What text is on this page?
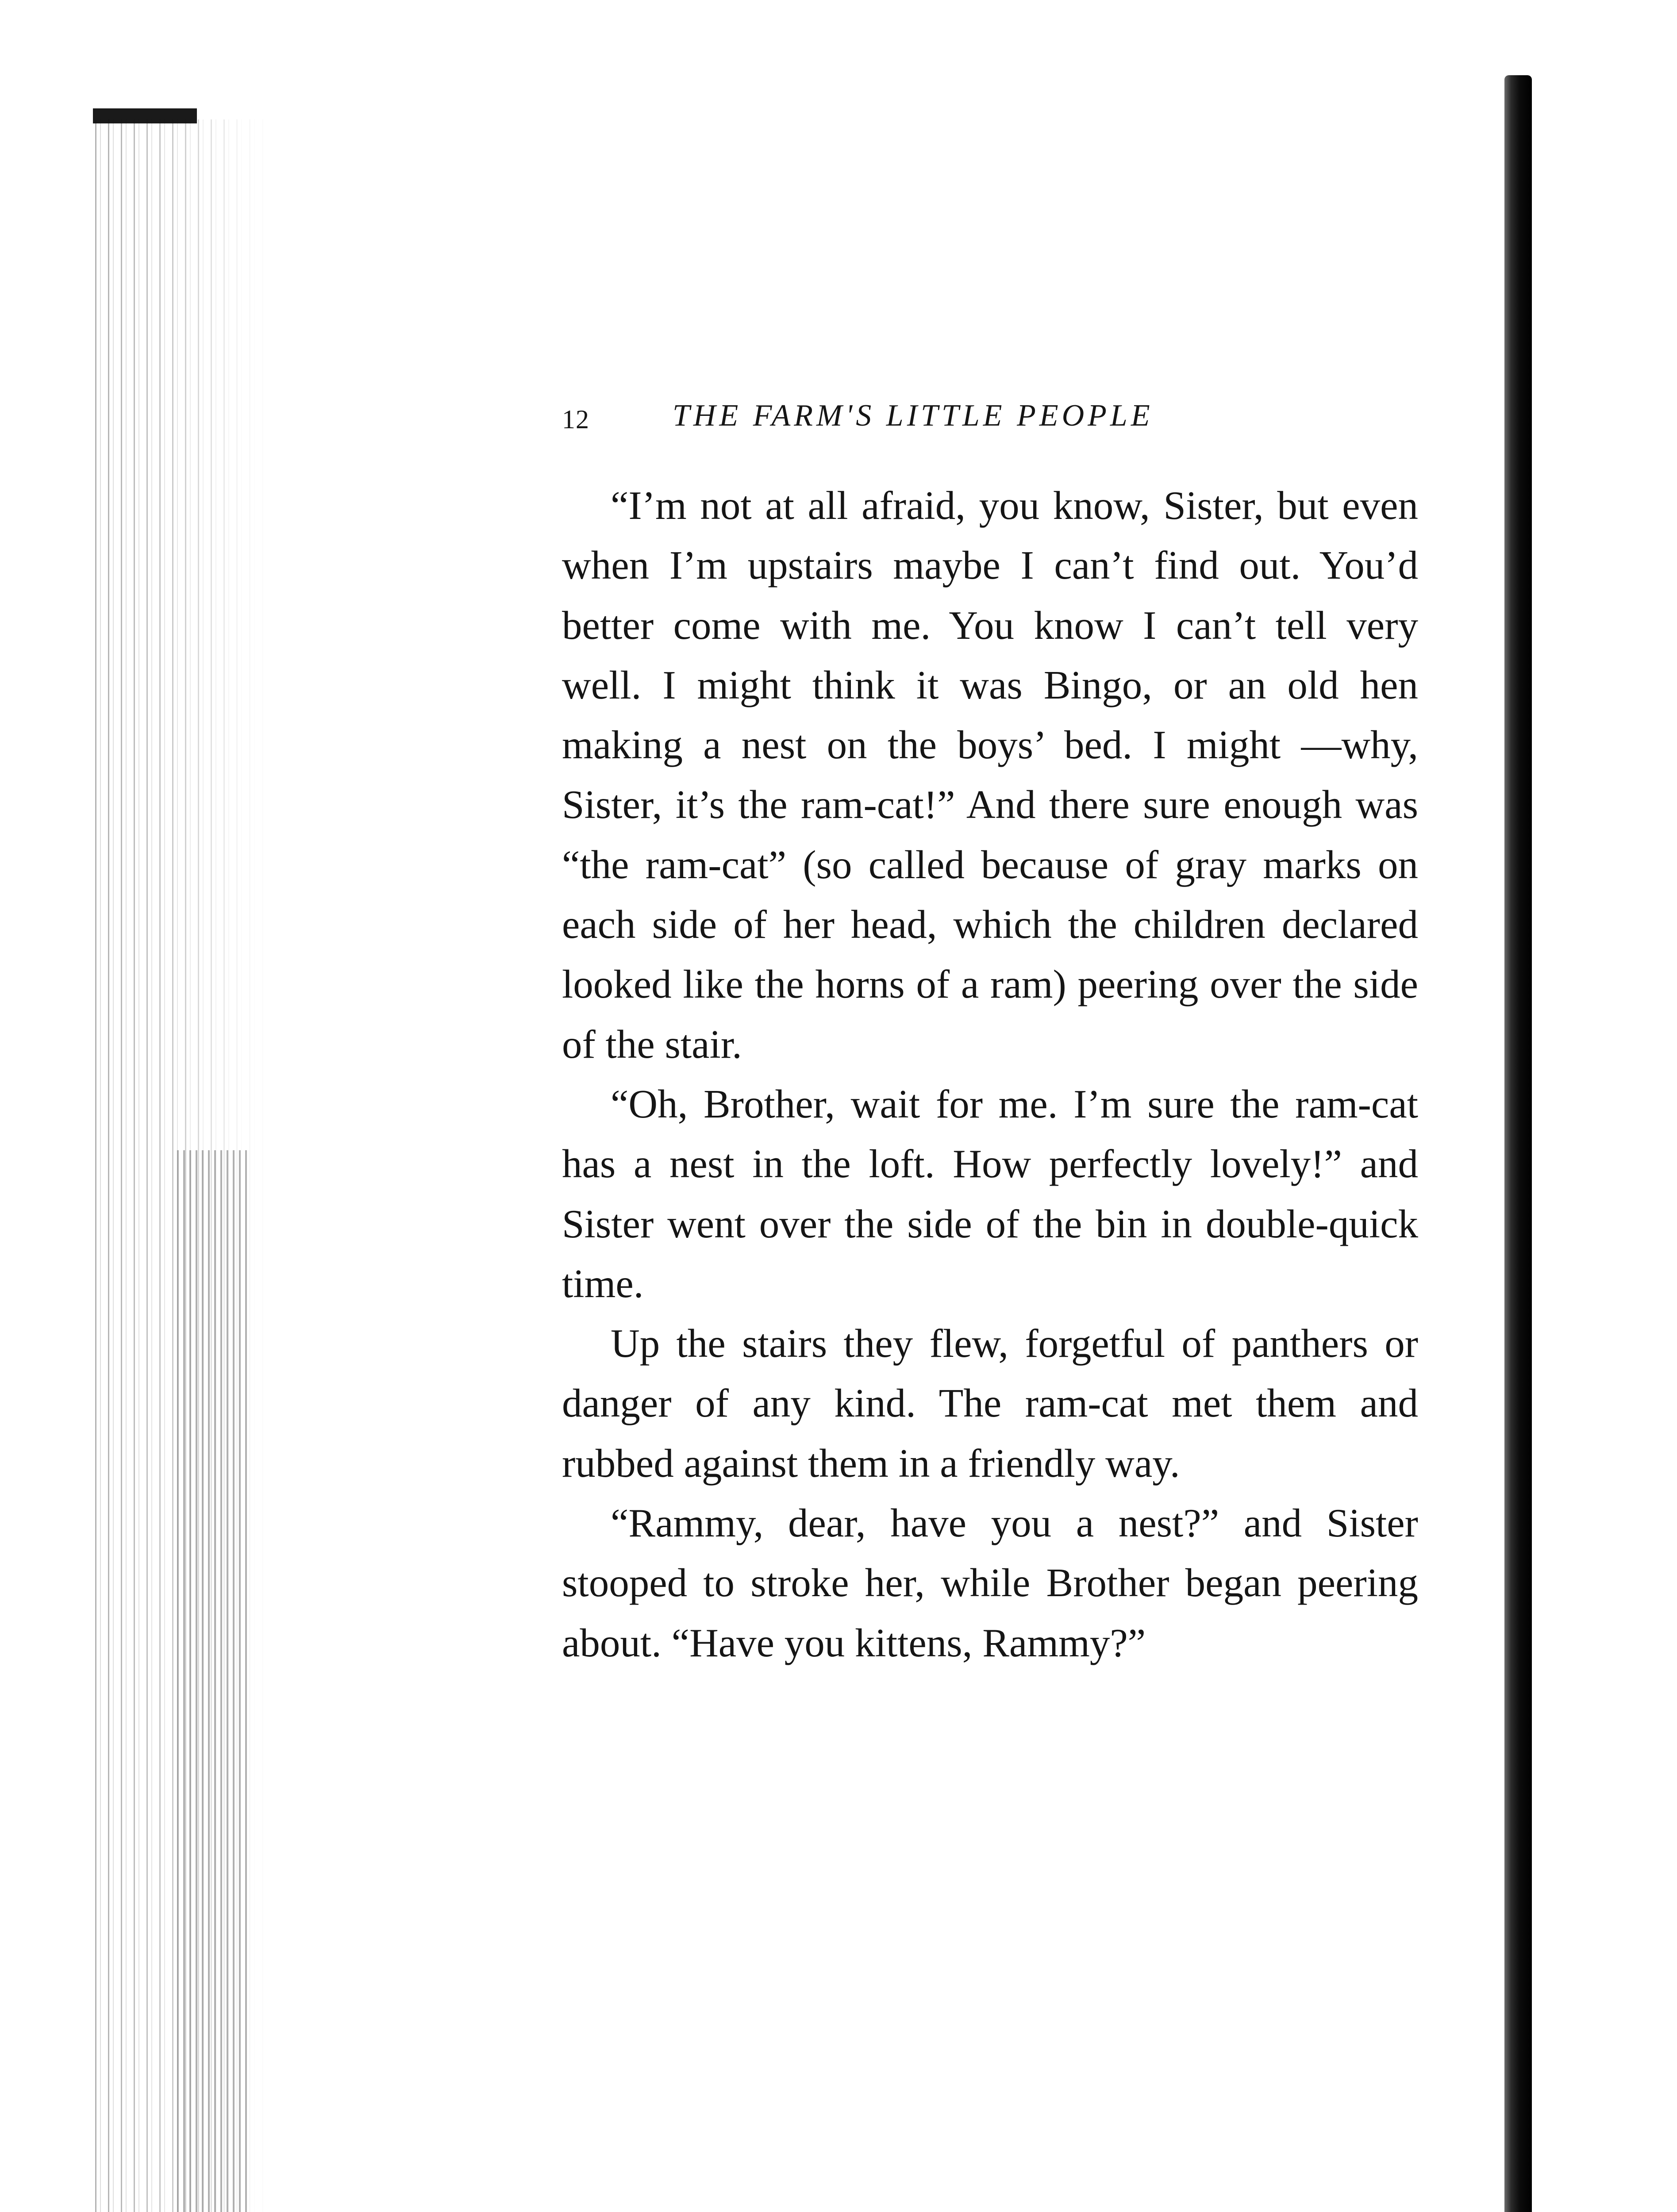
12	THE FARM'S LITTLE PEOPLE

“I’m not at all afraid, you know, Sister, but even when I’m upstairs maybe I can’t find out. You’d better come with me. You know I can’t tell very well. I might think it was Bingo, or an old hen making a nest on the boys’ bed. I might —why, Sister, it’s the ram-cat!” And there sure enough was “the ram-cat” (so called because of gray marks on each side of her head, which the children declared looked like the horns of a ram) peering over the side of the stair.

“Oh, Brother, wait for me. I’m sure the ram-cat has a nest in the loft. How perfectly lovely!” and Sister went over the side of the bin in double-quick time.

Up the stairs they flew, forgetful of panthers or danger of any kind. The ram-cat met them and rubbed against them in a friendly way.

“Rammy, dear, have you a nest?” and Sister stooped to stroke her, while Brother began peering about. “Have you kittens, Rammy?”
